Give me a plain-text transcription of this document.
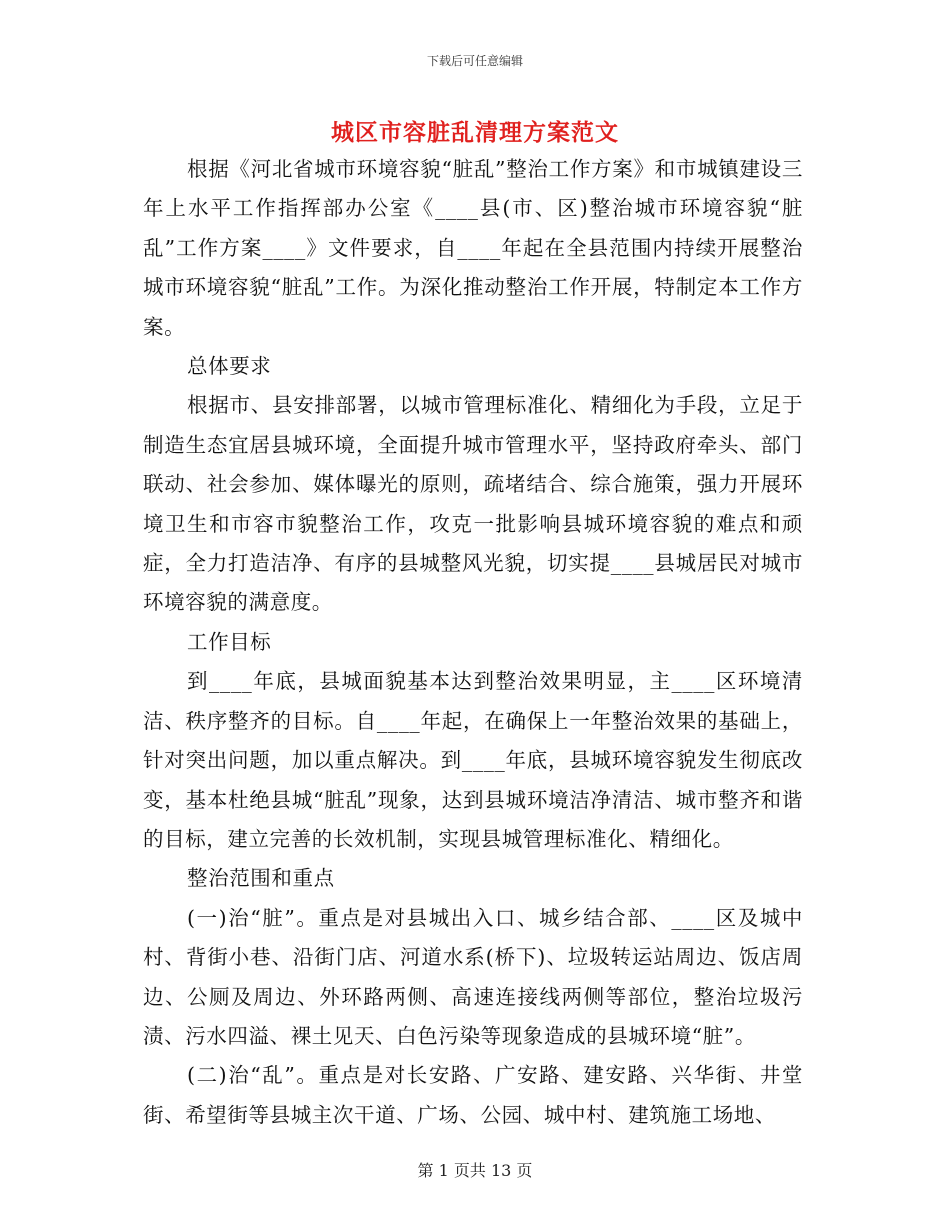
下载后可任意编辑
城区市容脏乱清理方案范文

根据《河北省城市环境容貌“脏乱”整治工作方案》和市城镇建设三年上水平工作指挥部办公室《____县(市、区)整治城市环境容貌“脏乱”工作方案____》文件要求，自____年起在全县范围内持续开展整治城市环境容貌“脏乱”工作。为深化推动整治工作开展，特制定本工作方案。

总体要求

根据市、县安排部署，以城市管理标准化、精细化为手段，立足于制造生态宜居县城环境，全面提升城市管理水平，坚持政府牵头、部门联动、社会参加、媒体曝光的原则，疏堵结合、综合施策，强力开展环境卫生和市容市貌整治工作，攻克一批影响县城环境容貌的难点和顽症，全力打造洁净、有序的县城整风光貌，切实提____县城居民对城市环境容貌的满意度。

工作目标

到____年底，县城面貌基本达到整治效果明显，主____区环境清洁、秩序整齐的目标。自____年起，在确保上一年整治效果的基础上，针对突出问题，加以重点解决。到____年底，县城环境容貌发生彻底改变，基本杜绝县城“脏乱”现象，达到县城环境洁净清洁、城市整齐和谐的目标，建立完善的长效机制，实现县城管理标准化、精细化。

整治范围和重点

(一)治“脏”。重点是对县城出入口、城乡结合部、____区及城中村、背街小巷、沿街门店、河道水系(桥下)、垃圾转运站周边、饭店周边、公厕及周边、外环路两侧、高速连接线两侧等部位，整治垃圾污渍、污水四溢、裸土见天、白色污染等现象造成的县城环境“脏”。

(二)治“乱”。重点是对长安路、广安路、建安路、兴华街、井堂街、希望街等县城主次干道、广场、公园、城中村、建筑施工场地、

第 1 页共 13 页
